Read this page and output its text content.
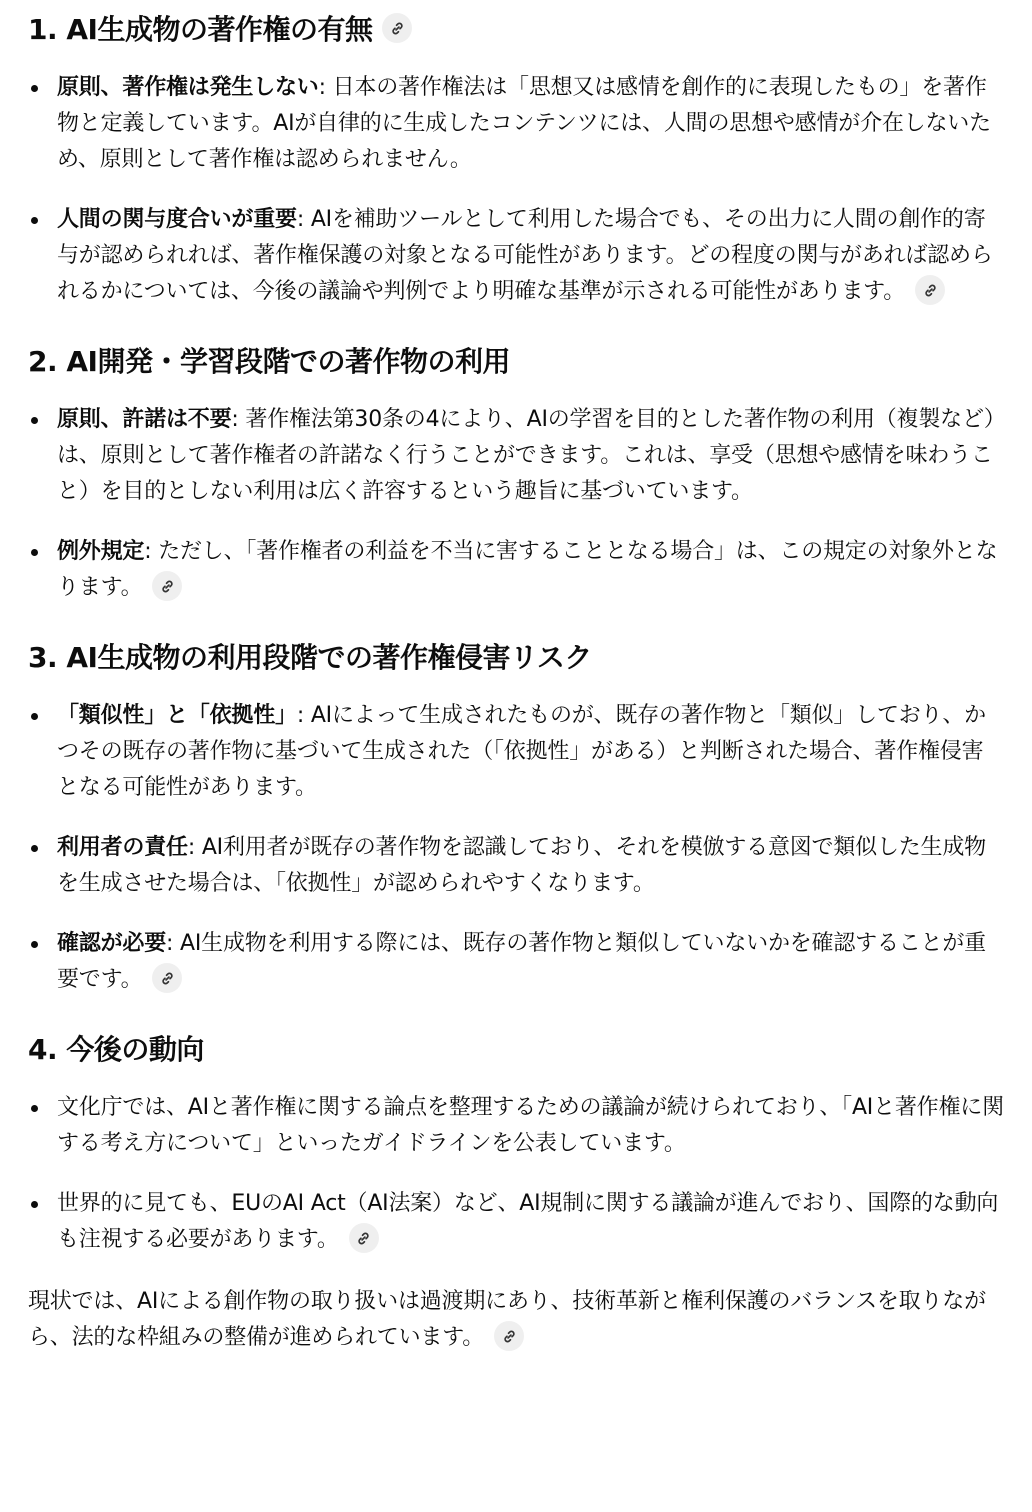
1. AI生成物の著作権の有無
原則、著作権は発生しない: 日本の著作権法は「思想又は感情を創作的に表現したもの」を著作物と定義しています。AIが自律的に生成したコンテンツには、人間の思想や感情が介在しないため、原則として著作権は認められません。
人間の関与度合いが重要: AIを補助ツールとして利用した場合でも、その出力に人間の創作的寄与が認められれば、著作権保護の対象となる可能性があります。どの程度の関与があれば認められるかについては、今後の議論や判例でより明確な基準が示される可能性があります。
2. AI開発・学習段階での著作物の利用
原則、許諾は不要: 著作権法第30条の4により、AIの学習を目的とした著作物の利用（複製など）は、原則として著作権者の許諾なく行うことができます。これは、享受（思想や感情を味わうこと）を目的としない利用は広く許容するという趣旨に基づいています。
例外規定: ただし、「著作権者の利益を不当に害することとなる場合」は、この規定の対象外となります。
3. AI生成物の利用段階での著作権侵害リスク
「類似性」と「依拠性」: AIによって生成されたものが、既存の著作物と「類似」しており、かつその既存の著作物に基づいて生成された（「依拠性」がある）と判断された場合、著作権侵害となる可能性があります。
利用者の責任: AI利用者が既存の著作物を認識しており、それを模倣する意図で類似した生成物を生成させた場合は、「依拠性」が認められやすくなります。
確認が必要: AI生成物を利用する際には、既存の著作物と類似していないかを確認することが重要です。
4. 今後の動向
文化庁では、AIと著作権に関する論点を整理するための議論が続けられており、「AIと著作権に関する考え方について」といったガイドラインを公表しています。
世界的に見ても、EUのAI Act（AI法案）など、AI規制に関する議論が進んでおり、国際的な動向も注視する必要があります。

現状では、AIによる創作物の取り扱いは過渡期にあり、技術革新と権利保護のバランスを取りながら、法的な枠組みの整備が進められています。
